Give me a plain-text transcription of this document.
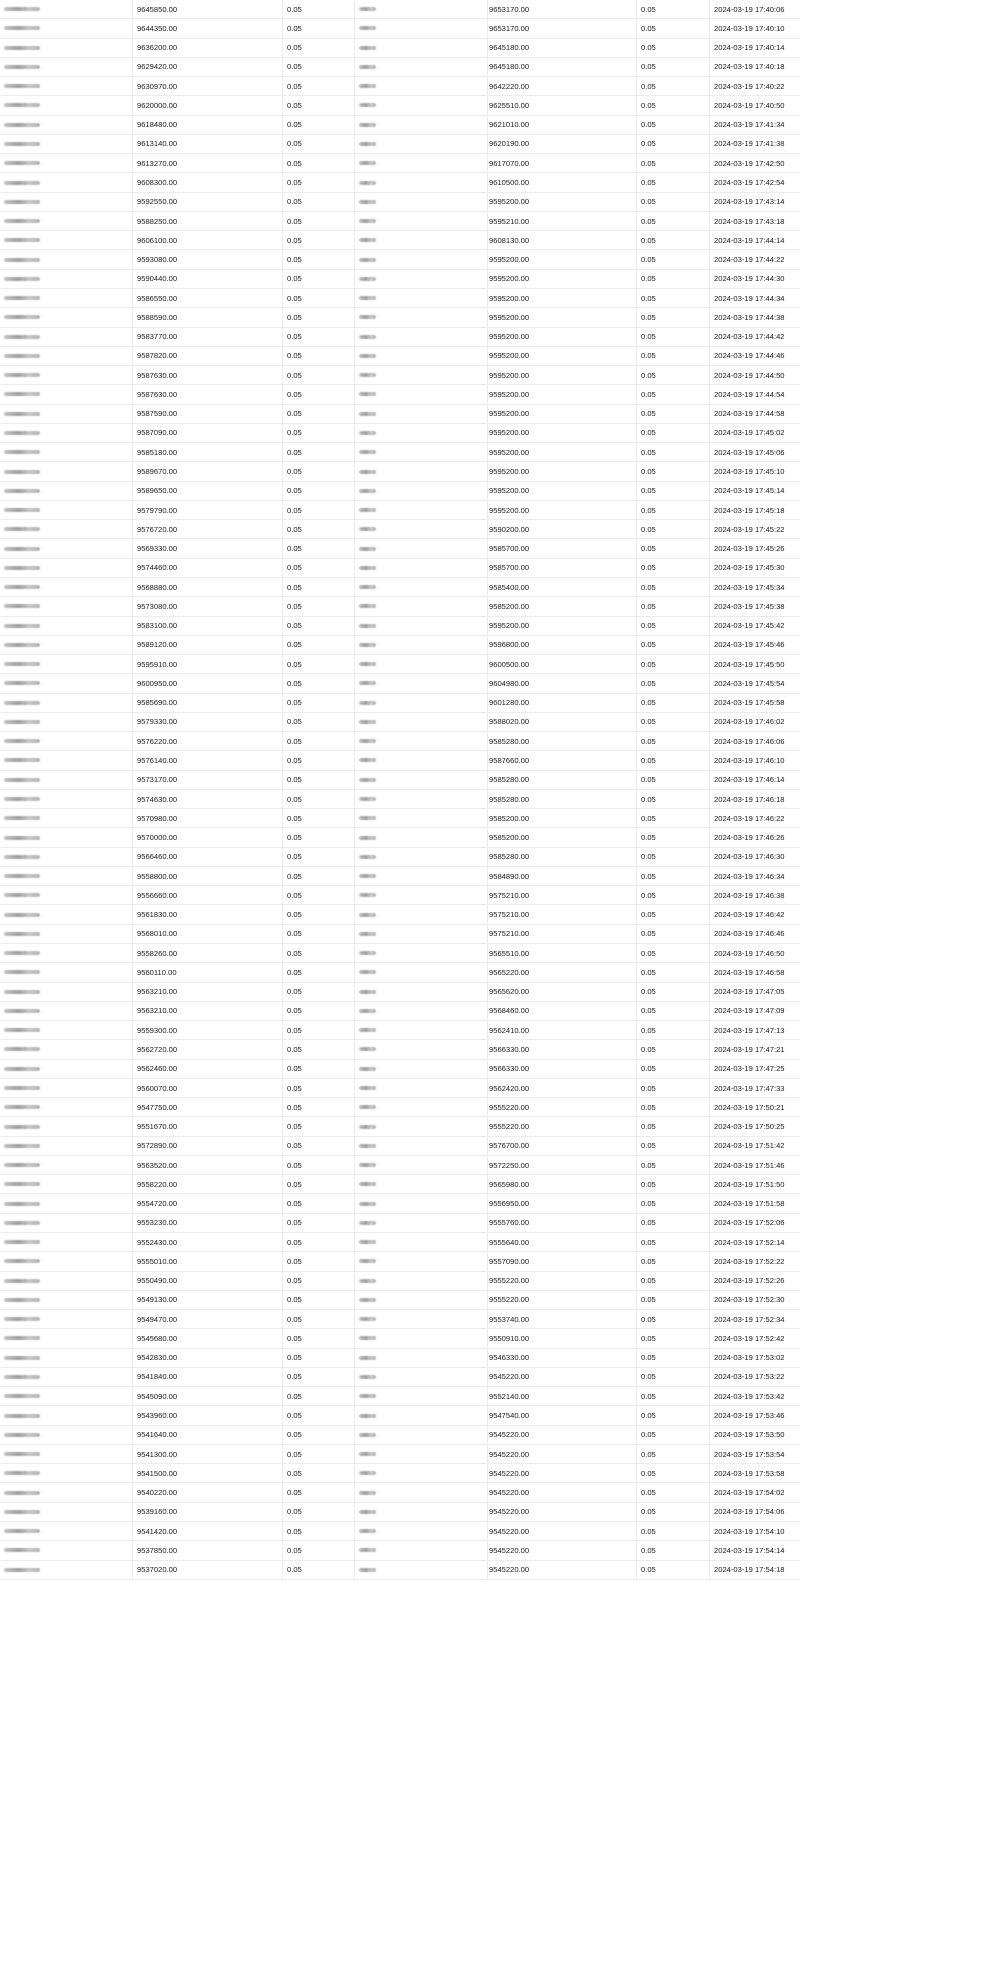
9645850.00	0.05	9653170.00	0.05	2024-03-19 17:40:06
9644350.00	0.05	9653170.00	0.05	2024-03-19 17:40:10
9636200.00	0.05	9645180.00	0.05	2024-03-19 17:40:14
9629420.00	0.05	9645180.00	0.05	2024-03-19 17:40:18
9630970.00	0.05	9642220.00	0.05	2024-03-19 17:40:22
9620000.00	0.05	9625510.00	0.05	2024-03-19 17:40:50
9618480.00	0.05	9621010.00	0.05	2024-03-19 17:41:34
9613140.00	0.05	9620190.00	0.05	2024-03-19 17:41:38
9613270.00	0.05	9617070.00	0.05	2024-03-19 17:42:50
9608300.00	0.05	9610500.00	0.05	2024-03-19 17:42:54
9592550.00	0.05	9595200.00	0.05	2024-03-19 17:43:14
9588250.00	0.05	9595210.00	0.05	2024-03-19 17:43:18
9606100.00	0.05	9608130.00	0.05	2024-03-19 17:44:14
9593080.00	0.05	9595200.00	0.05	2024-03-19 17:44:22
9590440.00	0.05	9595200.00	0.05	2024-03-19 17:44:30
9586550.00	0.05	9595200.00	0.05	2024-03-19 17:44:34
9588590.00	0.05	9595200.00	0.05	2024-03-19 17:44:38
9583770.00	0.05	9595200.00	0.05	2024-03-19 17:44:42
9587820.00	0.05	9595200.00	0.05	2024-03-19 17:44:46
9587630.00	0.05	9595200.00	0.05	2024-03-19 17:44:50
9587630.00	0.05	9595200.00	0.05	2024-03-19 17:44:54
9587590.00	0.05	9595200.00	0.05	2024-03-19 17:44:58
9587090.00	0.05	9595200.00	0.05	2024-03-19 17:45:02
9585180.00	0.05	9595200.00	0.05	2024-03-19 17:45:06
9589670.00	0.05	9595200.00	0.05	2024-03-19 17:45:10
9589650.00	0.05	9595200.00	0.05	2024-03-19 17:45:14
9579790.00	0.05	9595200.00	0.05	2024-03-19 17:45:18
9576720.00	0.05	9590200.00	0.05	2024-03-19 17:45:22
9569330.00	0.05	9585700.00	0.05	2024-03-19 17:45:26
9574460.00	0.05	9585700.00	0.05	2024-03-19 17:45:30
9568880.00	0.05	9585400.00	0.05	2024-03-19 17:45:34
9573080.00	0.05	9585200.00	0.05	2024-03-19 17:45:38
9583100.00	0.05	9595200.00	0.05	2024-03-19 17:45:42
9589120.00	0.05	9596800.00	0.05	2024-03-19 17:45:46
9595910.00	0.05	9600500.00	0.05	2024-03-19 17:45:50
9600950.00	0.05	9604980.00	0.05	2024-03-19 17:45:54
9585690.00	0.05	9601280.00	0.05	2024-03-19 17:45:58
9579330.00	0.05	9588020.00	0.05	2024-03-19 17:46:02
9576220.00	0.05	9585280.00	0.05	2024-03-19 17:46:06
9576140.00	0.05	9587660.00	0.05	2024-03-19 17:46:10
9573170.00	0.05	9585280.00	0.05	2024-03-19 17:46:14
9574630.00	0.05	9585280.00	0.05	2024-03-19 17:46:18
9570980.00	0.05	9585200.00	0.05	2024-03-19 17:46:22
9570000.00	0.05	9585200.00	0.05	2024-03-19 17:46:26
9566460.00	0.05	9585280.00	0.05	2024-03-19 17:46:30
9558800.00	0.05	9584890.00	0.05	2024-03-19 17:46:34
9556660.00	0.05	9575210.00	0.05	2024-03-19 17:46:38
9561830.00	0.05	9575210.00	0.05	2024-03-19 17:46:42
9568010.00	0.05	9575210.00	0.05	2024-03-19 17:46:46
9558260.00	0.05	9565510.00	0.05	2024-03-19 17:46:50
9560110.00	0.05	9565220.00	0.05	2024-03-19 17:46:58
9563210.00	0.05	9565620.00	0.05	2024-03-19 17:47:05
9563210.00	0.05	9568460.00	0.05	2024-03-19 17:47:09
9559300.00	0.05	9562410.00	0.05	2024-03-19 17:47:13
9562720.00	0.05	9566330.00	0.05	2024-03-19 17:47:21
9562460.00	0.05	9566330.00	0.05	2024-03-19 17:47:25
9560070.00	0.05	9562420.00	0.05	2024-03-19 17:47:33
9547750.00	0.05	9555220.00	0.05	2024-03-19 17:50:21
9551670.00	0.05	9555220.00	0.05	2024-03-19 17:50:25
9572890.00	0.05	9576700.00	0.05	2024-03-19 17:51:42
9563520.00	0.05	9572250.00	0.05	2024-03-19 17:51:46
9558220.00	0.05	9565980.00	0.05	2024-03-19 17:51:50
9554720.00	0.05	9556950.00	0.05	2024-03-19 17:51:58
9553230.00	0.05	9555760.00	0.05	2024-03-19 17:52:06
9552430.00	0.05	9555640.00	0.05	2024-03-19 17:52:14
9555010.00	0.05	9557090.00	0.05	2024-03-19 17:52:22
9550490.00	0.05	9555220.00	0.05	2024-03-19 17:52:26
9549130.00	0.05	9555220.00	0.05	2024-03-19 17:52:30
9549470.00	0.05	9553740.00	0.05	2024-03-19 17:52:34
9545680.00	0.05	9550910.00	0.05	2024-03-19 17:52:42
9542830.00	0.05	9546330.00	0.05	2024-03-19 17:53:02
9541840.00	0.05	9545220.00	0.05	2024-03-19 17:53:22
9545090.00	0.05	9552140.00	0.05	2024-03-19 17:53:42
9543960.00	0.05	9547540.00	0.05	2024-03-19 17:53:46
9541640.00	0.05	9545220.00	0.05	2024-03-19 17:53:50
9541300.00	0.05	9545220.00	0.05	2024-03-19 17:53:54
9541500.00	0.05	9545220.00	0.05	2024-03-19 17:53:58
9540220.00	0.05	9545220.00	0.05	2024-03-19 17:54:02
9539160.00	0.05	9545220.00	0.05	2024-03-19 17:54:06
9541420.00	0.05	9545220.00	0.05	2024-03-19 17:54:10
9537850.00	0.05	9545220.00	0.05	2024-03-19 17:54:14
9537020.00	0.05	9545220.00	0.05	2024-03-19 17:54:18
